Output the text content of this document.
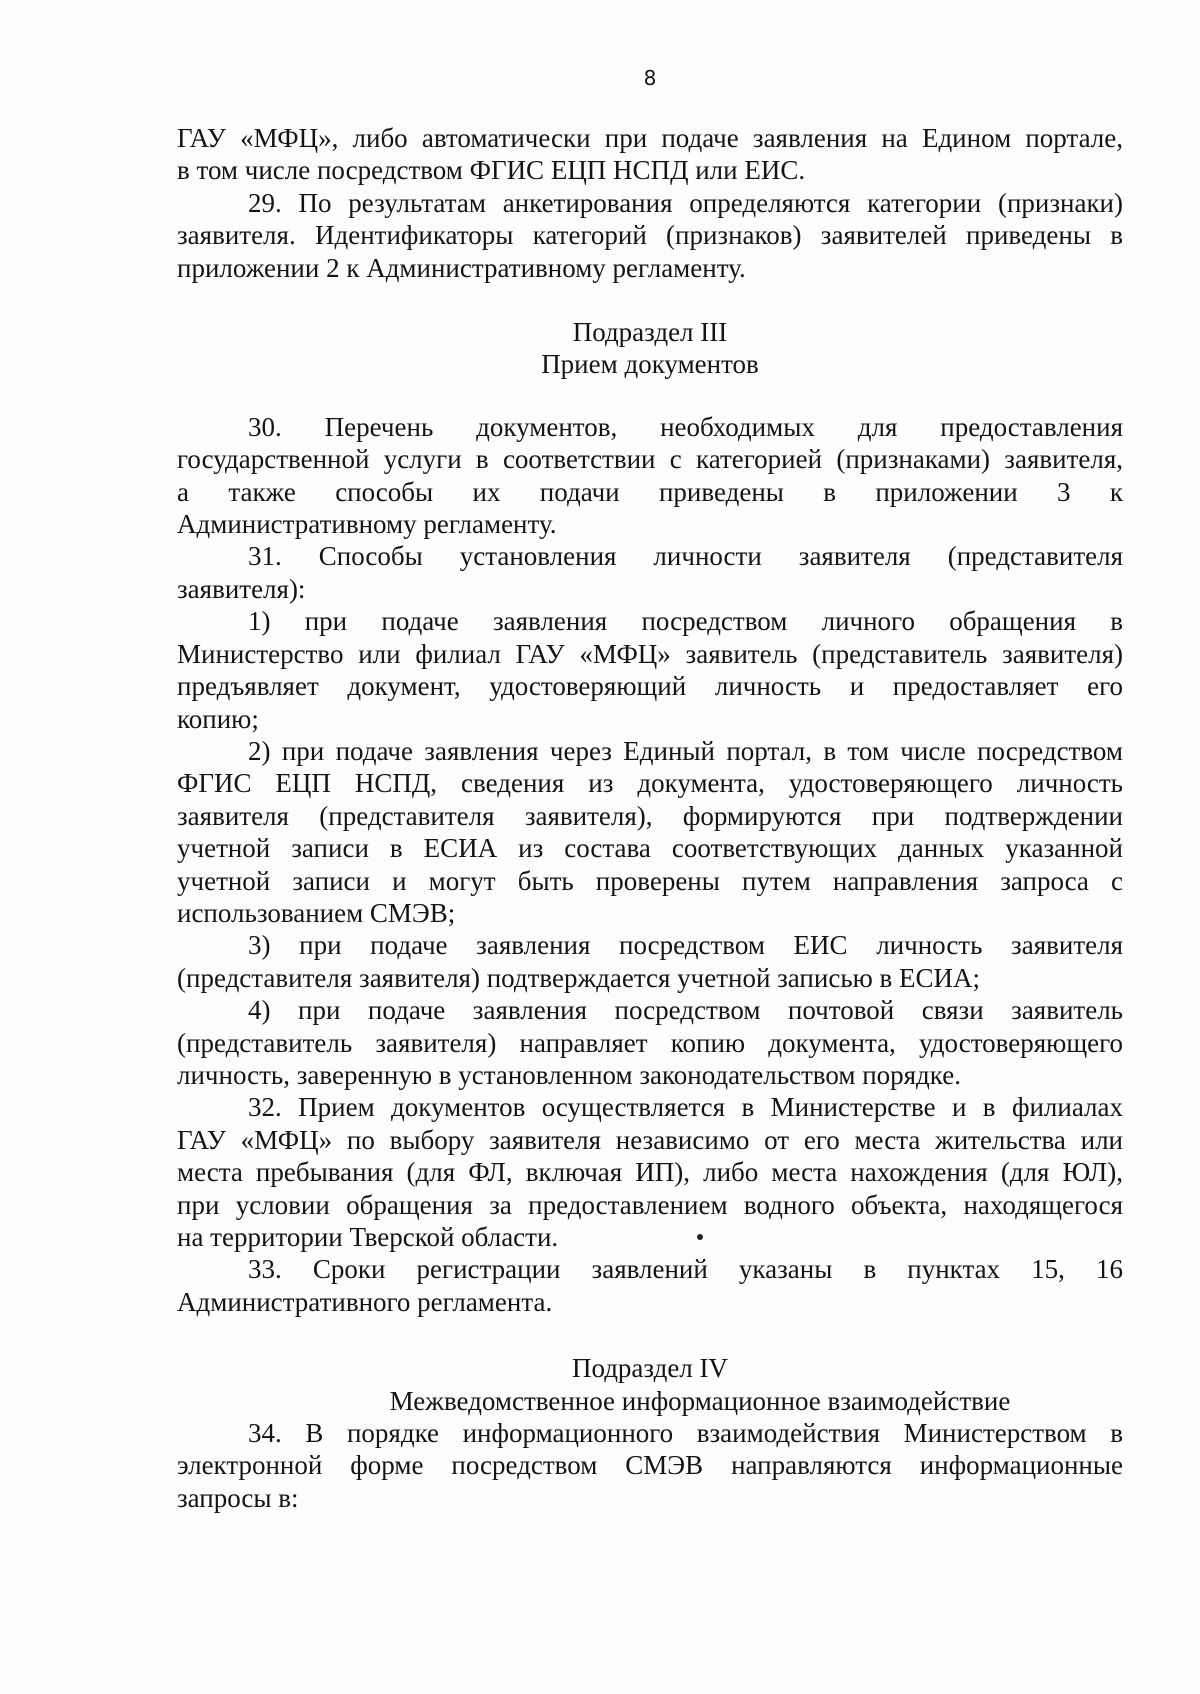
8

ГАУ «МФЦ», либо автоматически при подаче заявления на Едином портале,

в том числе посредством ФГИС ЕЦП НСПД или ЕИС.

29. По результатам анкетирования определяются категории (признаки)

заявителя. Идентификаторы категорий (признаков) заявителей приведены в

приложении 2 к Административному регламенту.

Подраздел III

Прием документов

30. Перечень документов, необходимых для предоставления

государственной услуги в соответствии с категорией (признаками) заявителя,

а также способы их подачи приведены в приложении 3 к

Административному регламенту.

31. Способы установления личности заявителя (представителя

заявителя):

1) при подаче заявления посредством личного обращения в

Министерство или филиал ГАУ «МФЦ» заявитель (представитель заявителя)

предъявляет документ, удостоверяющий личность и предоставляет его

копию;

2) при подаче заявления через Единый портал, в том числе посредством

ФГИС ЕЦП НСПД, сведения из документа, удостоверяющего личность

заявителя (представителя заявителя), формируются при подтверждении

учетной записи в ЕСИА из состава соответствующих данных указанной

учетной записи и могут быть проверены путем направления запроса с

использованием СМЭВ;

3) при подаче заявления посредством ЕИС личность заявителя

(представителя заявителя) подтверждается учетной записью в ЕСИА;

4) при подаче заявления посредством почтовой связи заявитель

(представитель заявителя) направляет копию документа, удостоверяющего

личность, заверенную в установленном законодательством порядке.

32. Прием документов осуществляется в Министерстве и в филиалах

ГАУ «МФЦ» по выбору заявителя независимо от его места жительства или

места пребывания (для ФЛ, включая ИП), либо места нахождения (для ЮЛ),

при условии обращения за предоставлением водного объекта, находящегося

на территории Тверской области.

33. Сроки регистрации заявлений указаны в пунктах 15, 16

Административного регламента.

Подраздел IV

Межведомственное информационное взаимодействие

34. В порядке информационного взаимодействия Министерством в

электронной форме посредством СМЭВ направляются информационные

запросы в:
